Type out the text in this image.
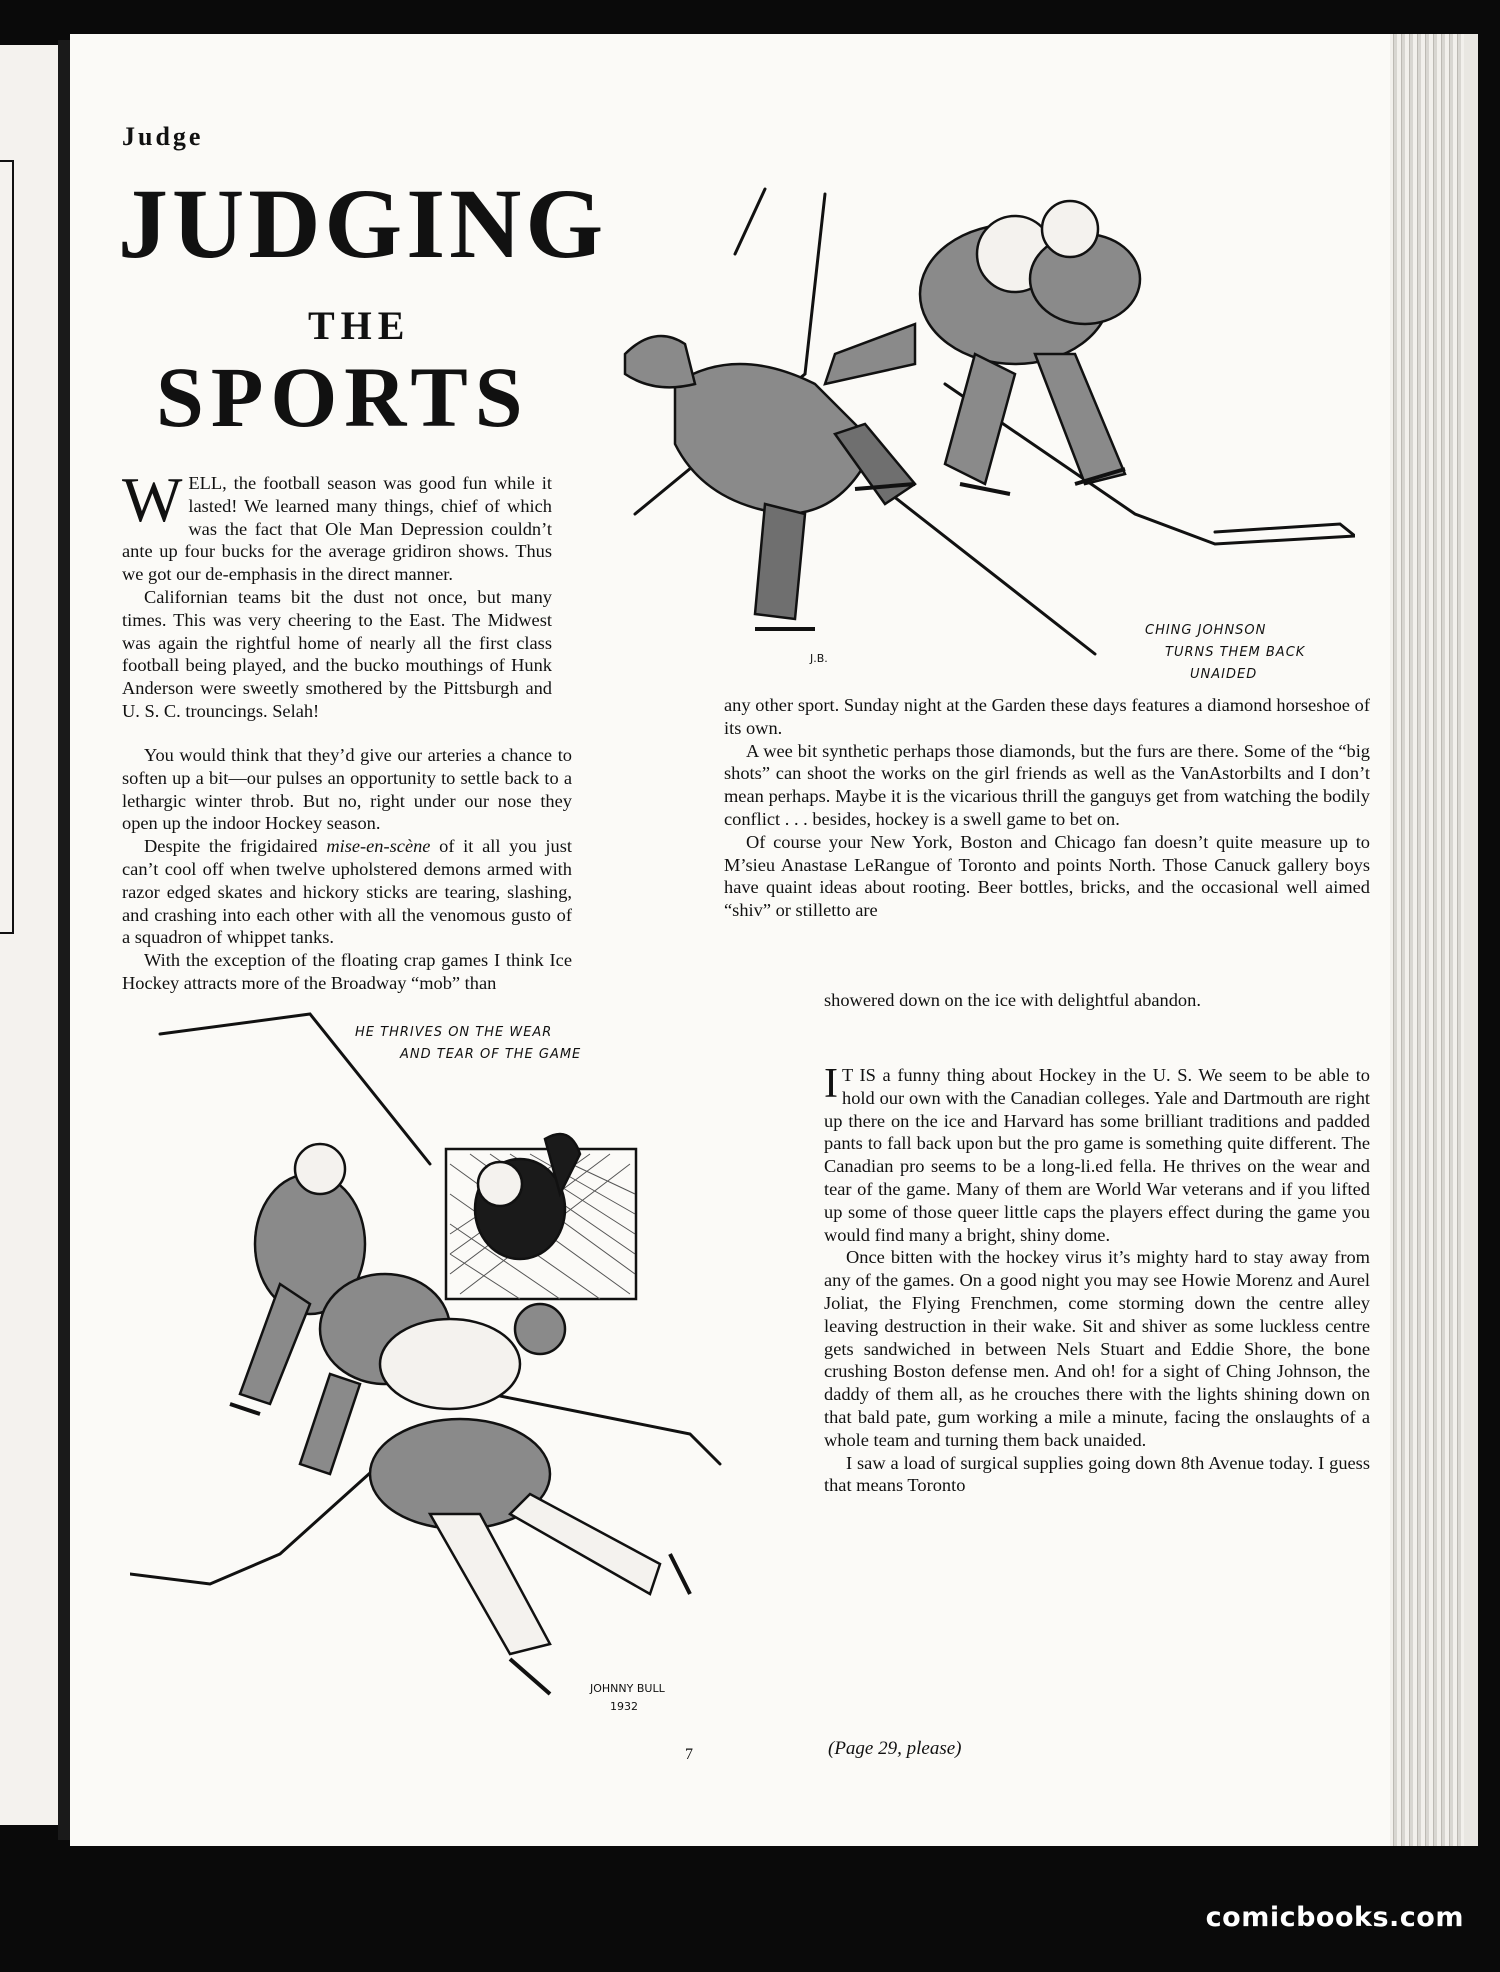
Judge
JUDGING
THE
SPORTS

WELL, the football season was good fun while it lasted! We learned many things, chief of which was the fact that Ole Man Depression couldn’t ante up four bucks for the average gridiron shows. Thus we got our de-emphasis in the direct manner.

Californian teams bit the dust not once, but many times. This was very cheering to the East. The Midwest was again the rightful home of nearly all the first class football being played, and the bucko mouthings of Hunk Anderson were sweetly smothered by the Pittsburgh and U. S. C. trouncings. Selah!

You would think that they’d give our arteries a chance to soften up a bit—our pulses an opportunity to settle back to a lethargic winter throb. But no, right under our nose they open up the indoor Hockey season.

Despite the frigidaired mise-en-scène of it all you just can’t cool off when twelve upholstered demons armed with razor edged skates and hickory sticks are tearing, slashing, and crashing into each other with all the venomous gusto of a squadron of whippet tanks.

With the exception of the floating crap games I think Ice Hockey attracts more of the Broadway “mob” than

any other sport. Sunday night at the Garden these days features a diamond horseshoe of its own.

A wee bit synthetic perhaps those diamonds, but the furs are there. Some of the “big shots” can shoot the works on the girl friends as well as the VanAstorbilts and I don’t mean perhaps. Maybe it is the vicarious thrill the ganguys get from watching the bodily conflict . . . besides, hockey is a swell game to bet on.

Of course your New York, Boston and Chicago fan doesn’t quite measure up to M’sieu Anastase LeRangue of Toronto and points North. Those Canuck gallery boys have quaint ideas about rooting. Beer bottles, bricks, and the occasional well aimed “shiv” or stilletto are

showered down on the ice with delightful abandon.

I T IS a funny thing about Hockey in the U. S. We seem to be able to hold our own with the Canadian colleges. Yale and Dartmouth are right up there on the ice and Harvard has some brilliant traditions and padded pants to fall back upon but the pro game is something quite different. The Canadian pro seems to be a long-li.ed fella. He thrives on the wear and tear of the game. Many of them are World War veterans and if you lifted up some of those queer little caps the players effect during the game you would find many a bright, shiny dome.

Once bitten with the hockey virus it’s mighty hard to stay away from any of the games. On a good night you may see Howie Morenz and Aurel Joliat, the Flying Frenchmen, come storming down the centre alley leaving destruction in their wake. Sit and shiver as some luckless centre gets sandwiched in between Nels Stuart and Eddie Shore, the bone crushing Boston defense men. And oh! for a sight of Ching Johnson, the daddy of them all, as he crouches there with the lights shining down on that bald pate, gum working a mile a minute, facing the onslaughts of a whole team and turning them back unaided.

I saw a load of surgical supplies going down 8th Avenue today. I guess that means Toronto

(Page 29, please)
7
CHING JOHNSON
TURNS THEM BACK
UNAIDED
J.B.
HE THRIVES ON THE WEAR
AND TEAR OF THE GAME
JOHNNY BULL
1932
comicbooks.com
